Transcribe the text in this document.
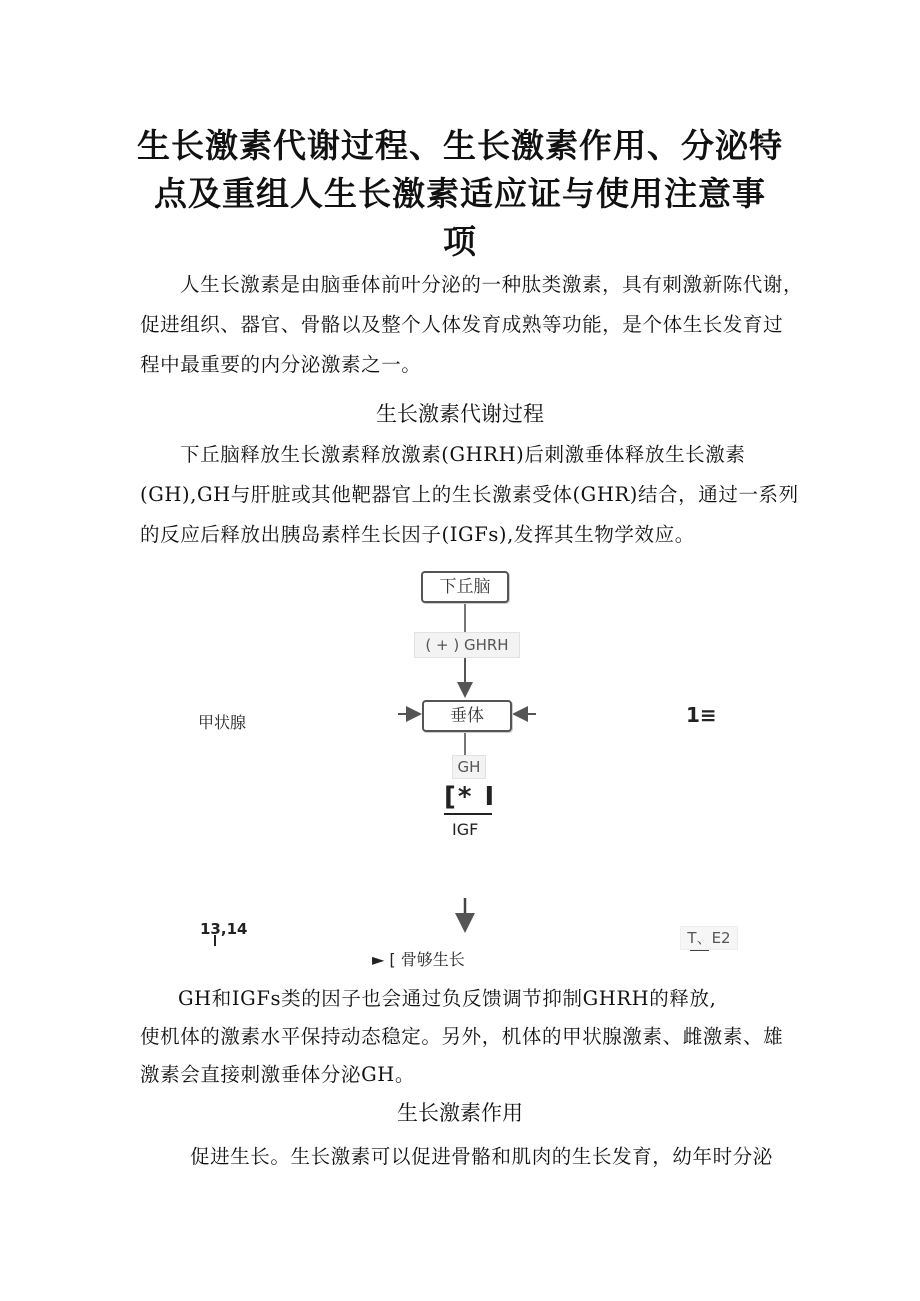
生长激素代谢过程、生长激素作用、分泌特
点及重组人生长激素适应证与使用注意事
项
人生长激素是由脑垂体前叶分泌的一种肽类激素，具有刺激新陈代谢，
促进组织、器官、骨骼以及整个人体发育成熟等功能，是个体生长发育过
程中最重要的内分泌激素之一。
生长激素代谢过程
下丘脑释放生长激素释放激素(GHRH)后刺激垂体释放生长激素
(GH),GH与肝脏或其他靶器官上的生长激素受体(GHR)结合，通过一系列
的反应后释放出胰岛素样生长因子(IGFs),发挥其生物学效应。
下丘脑
( + ) GHRH
垂体
甲状腺	1≡
GH
[* I
IGF
13,14
► [ 骨够生长
T、E2
GH和IGFs类的因子也会通过负反馈调节抑制GHRH的释放,
使机体的激素水平保持动态稳定。另外，机体的甲状腺激素、雌激素、雄
激素会直接刺激垂体分泌GH。
生长激素作用
促进生长。生长激素可以促进骨骼和肌肉的生长发育，幼年时分泌
